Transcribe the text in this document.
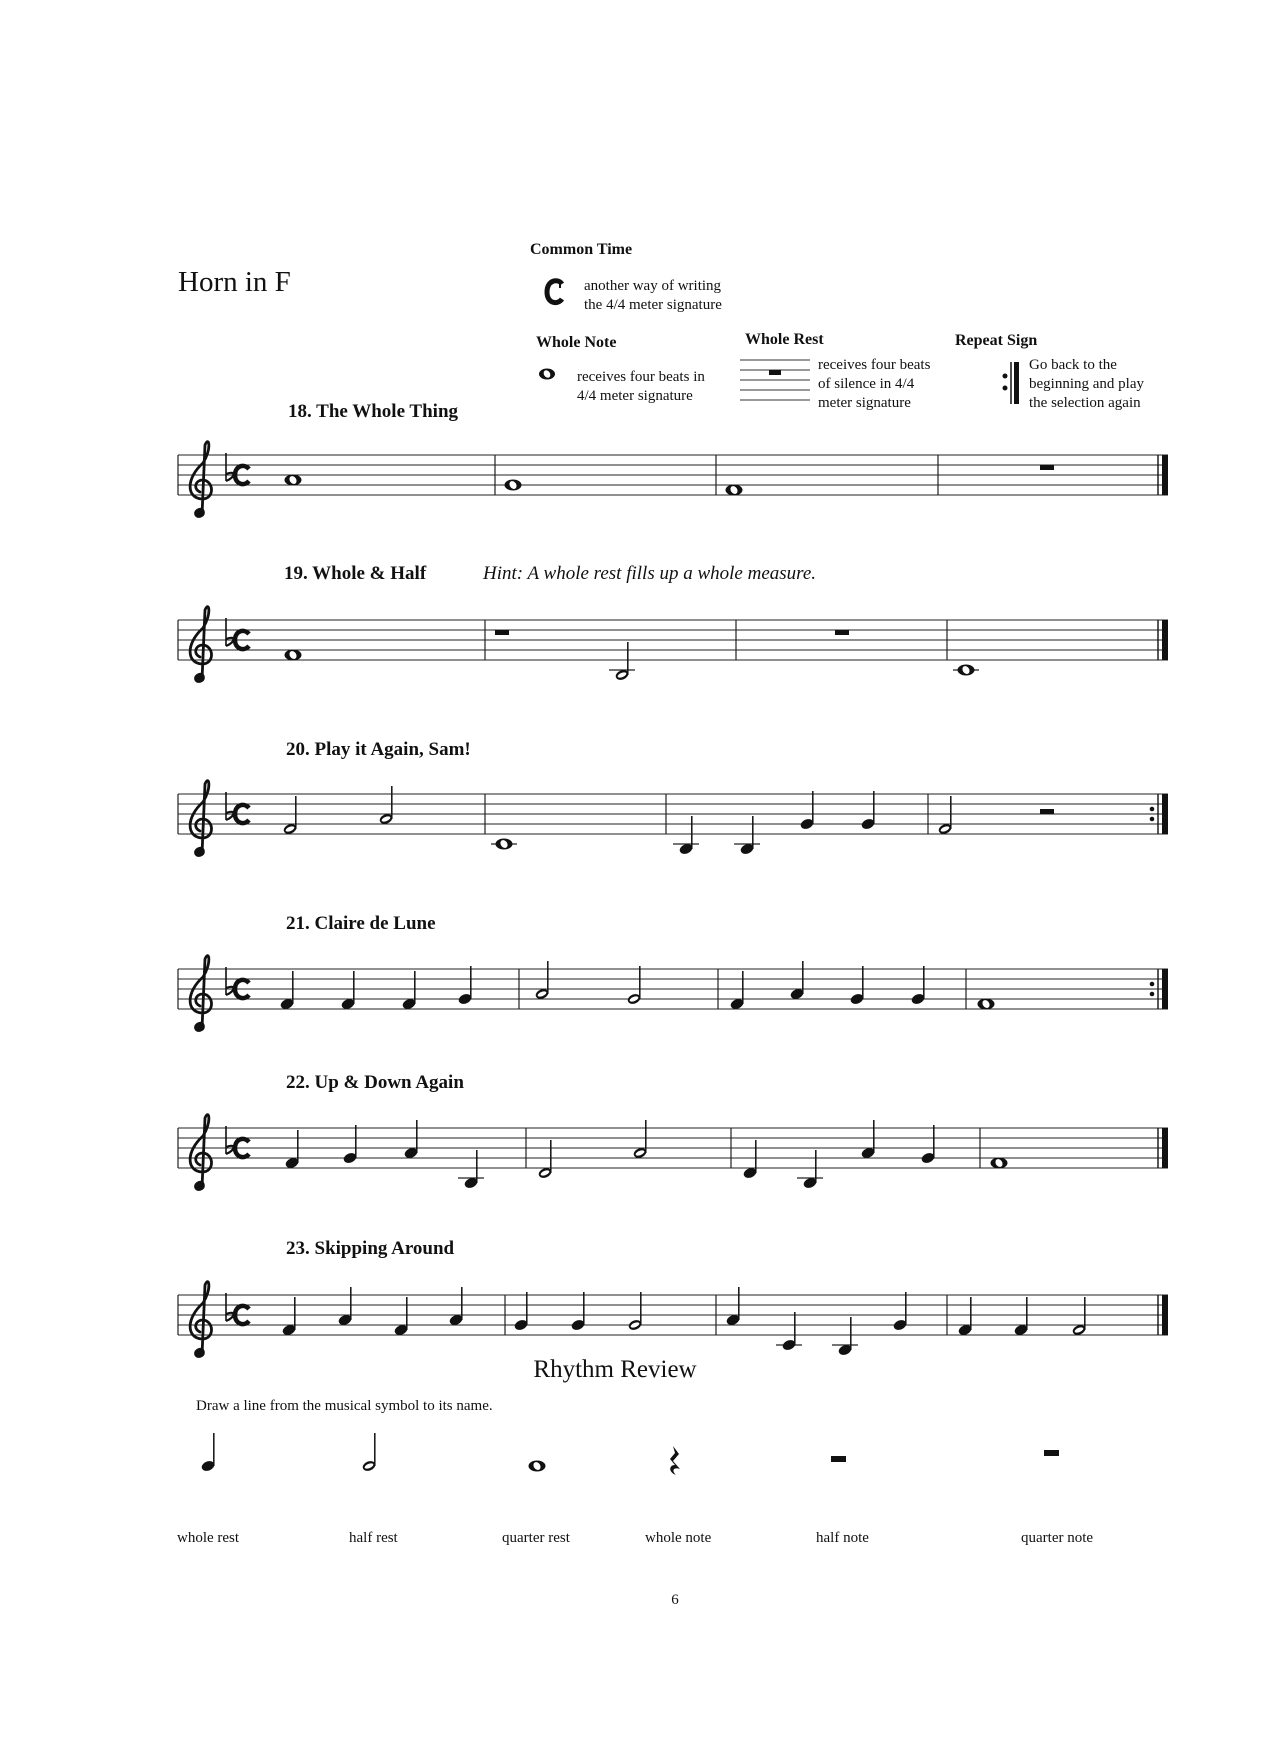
Horn in F
Common Time
another way of writing
the 4/4 meter signature
Whole Note
receives four beats in
4/4 meter signature
Whole Rest
receives four beats
of silence in 4/4
meter signature
Repeat Sign
Go back to the
beginning and play
the selection again
18. The Whole Thing
19. Whole & Half	Hint: A whole rest fills up a whole measure.
20. Play it Again, Sam!
21. Claire de Lune
22. Up & Down Again
23. Skipping Around
Rhythm Review
Draw a line from the musical symbol to its name.
whole rest	half rest	quarter rest	whole note	half note	quarter note
6
